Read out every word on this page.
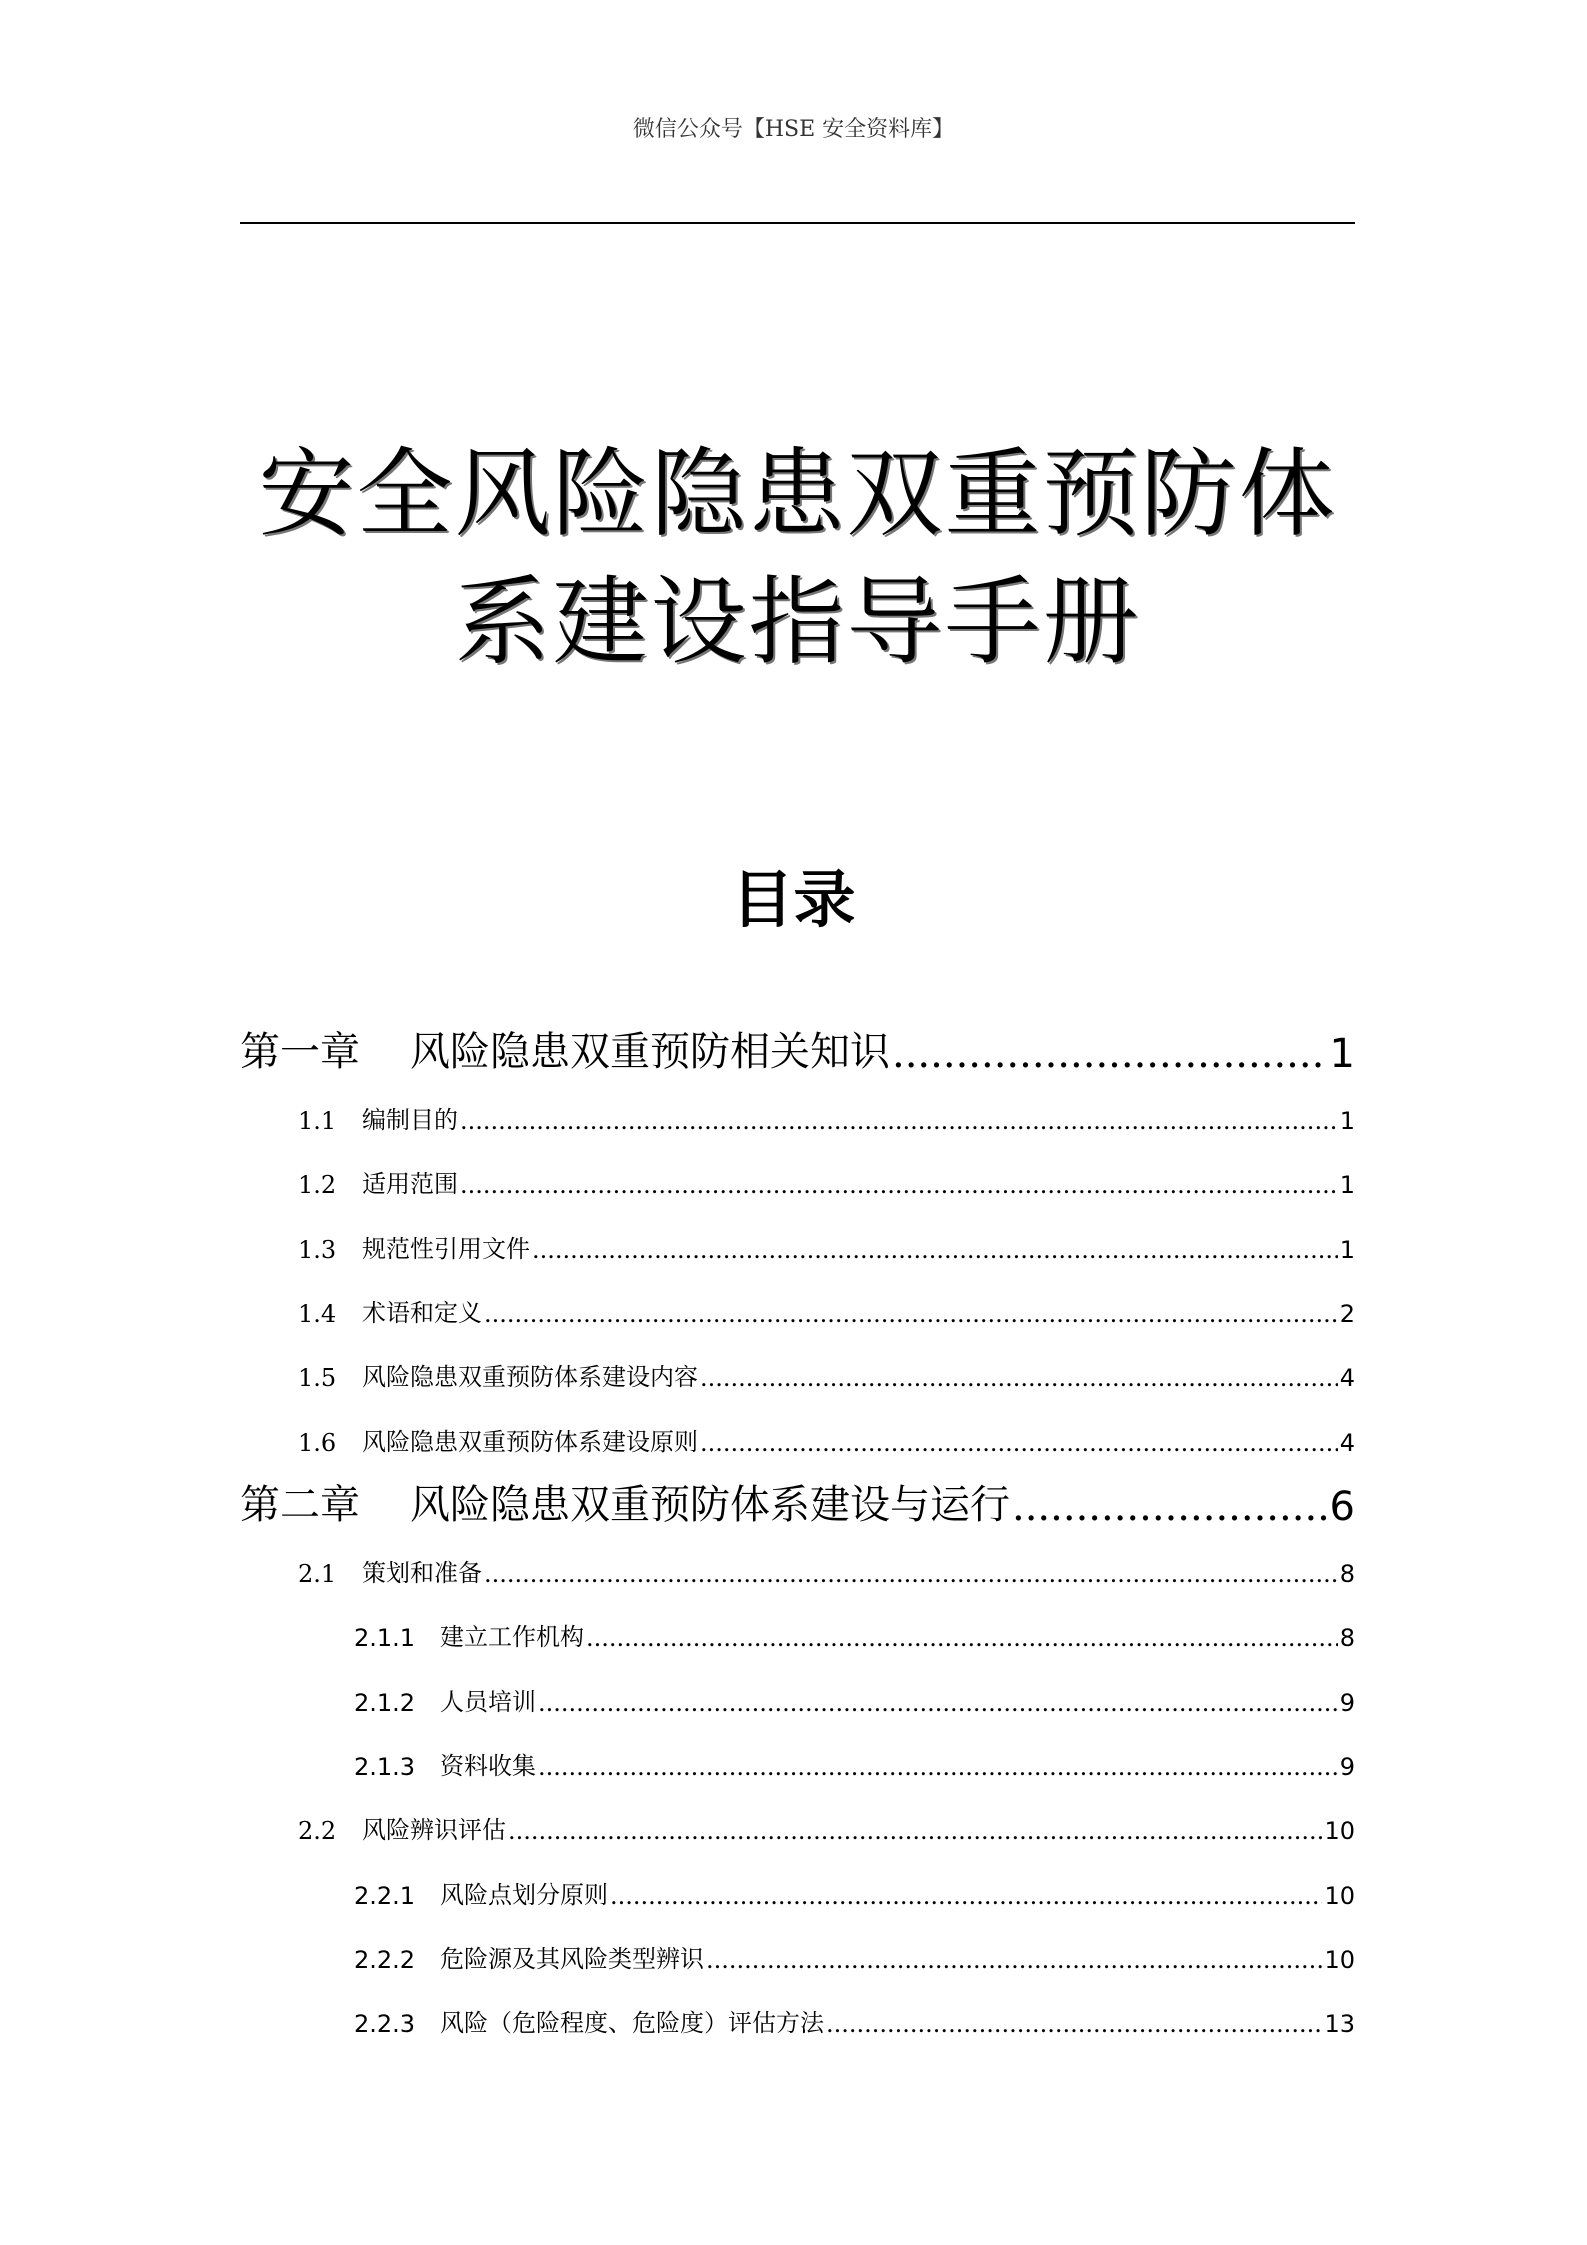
微信公众号【HSE 安全资料库】
安全风险隐患双重预防体
系建设指导手册
目录
第一章	风险隐患双重预防相关知识 .....	1
1.1	编制目的 .....	1
1.2	适用范围 .....	1
1.3	规范性引用文件 .....	1
1.4	术语和定义 .....	2
1.5	风险隐患双重预防体系建设内容 .....	4
1.6	风险隐患双重预防体系建设原则 .....	4
第二章	风险隐患双重预防体系建设与运行 .....	6
2.1	策划和准备 .....	8
2.1.1	建立工作机构 .....	8
2.1.2	人员培训 .....	9
2.1.3	资料收集 .....	9
2.2	风险辨识评估 .....	10
2.2.1	风险点划分原则 .....	10
2.2.2	危险源及其风险类型辨识 .....	10
2.2.3	风险（危险程度、危险度）评估方法 .....	13
